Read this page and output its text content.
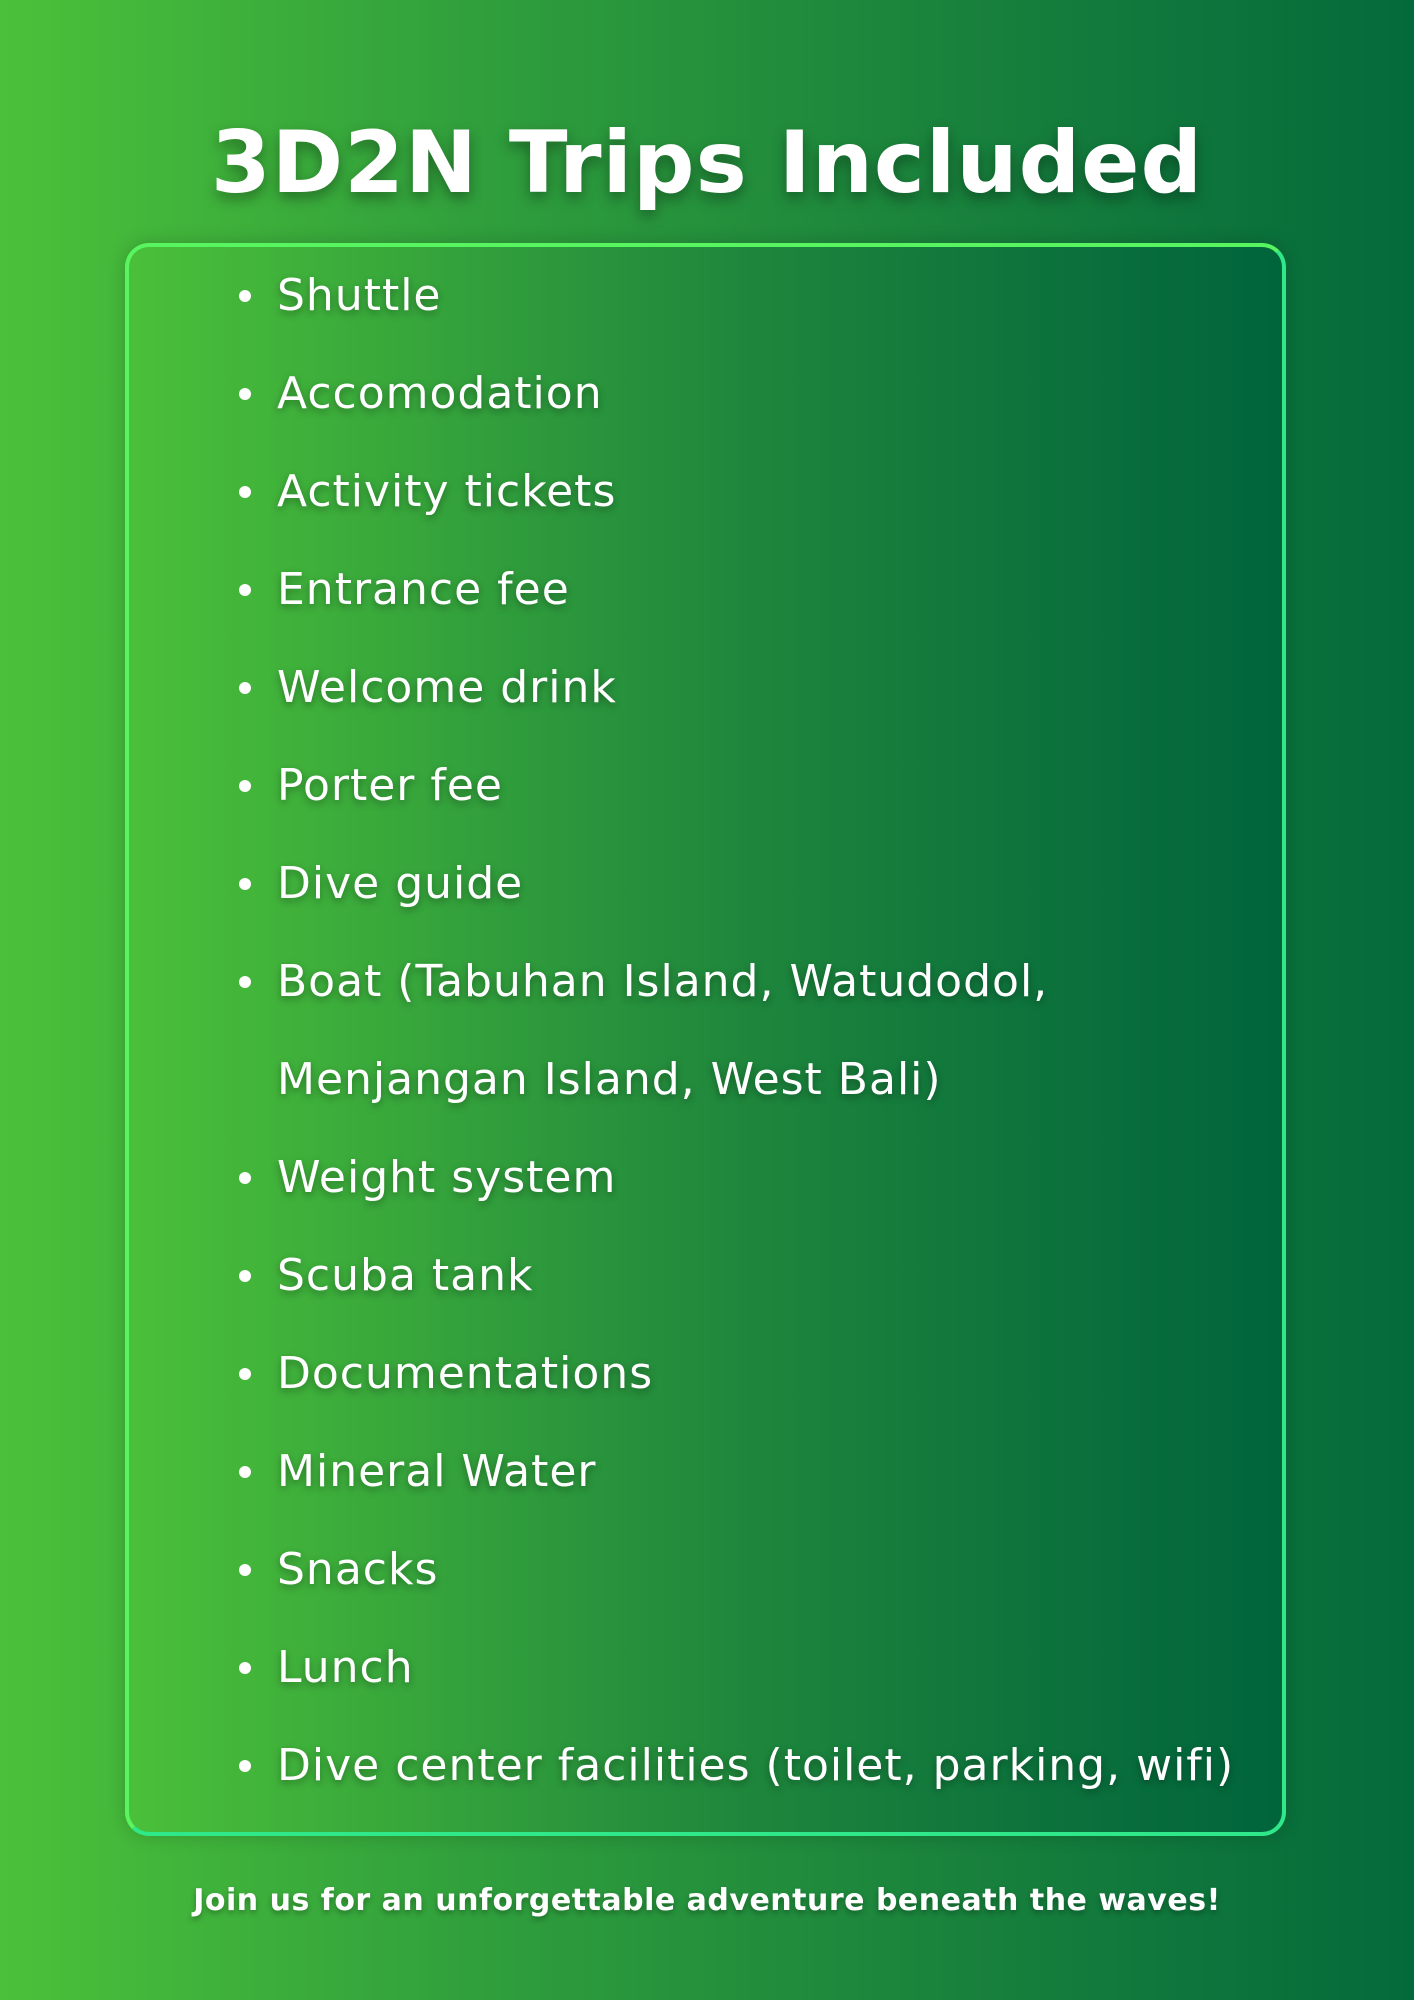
3D2N Trips Included
Shuttle
Accomodation
Activity tickets
Entrance fee
Welcome drink
Porter fee
Dive guide
Boat (Tabuhan Island, Watudodol,
Menjangan Island, West Bali)
Weight system
Scuba tank
Documentations
Mineral Water
Snacks
Lunch
Dive center facilities (toilet, parking, wifi)
Join us for an unforgettable adventure beneath the waves!
